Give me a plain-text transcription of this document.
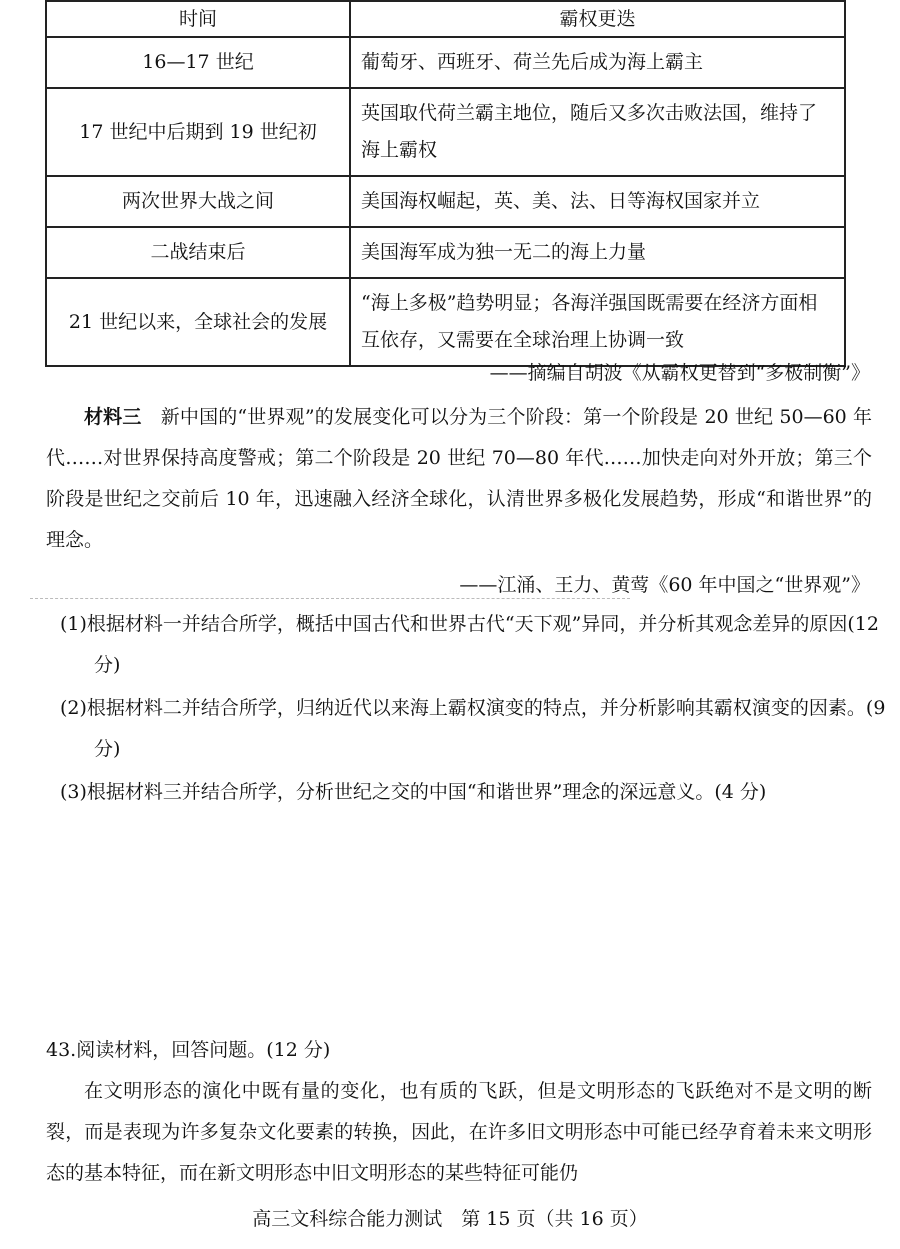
时间	霸权更迭
16—17 世纪	葡萄牙、西班牙、荷兰先后成为海上霸主
17 世纪中后期到 19 世纪初	英国取代荷兰霸主地位，随后又多次击败法国，维持了海上霸权
两次世界大战之间	美国海权崛起，英、美、法、日等海权国家并立
二战结束后	美国海军成为独一无二的海上力量
21 世纪以来，全球社会的发展	“海上多极”趋势明显；各海洋强国既需要在经济方面相互依存，又需要在全球治理上协调一致
——摘编自胡波《从霸权更替到“多极制衡”》
材料三　 新中国的“世界观”的发展变化可以分为三个阶段：第一个阶段是 20 世纪 50—60 年代……对世界保持高度警戒；第二个阶段是 20 世纪 70—80 年代……加快走向对外开放；第三个阶段是世纪之交前后 10 年，迅速融入经济全球化，认清世界多极化发展趋势，形成“和谐世界”的理念。
——江涌、王力、黄莺《60 年中国之“世界观”》
(1)根据材料一并结合所学，概括中国古代和世界古代“天下观”异同，并分析其观念差异的原因(12 分)
(2)根据材料二并结合所学，归纳近代以来海上霸权演变的特点，并分析影响其霸权演变的因素。(9 分)
(3)根据材料三并结合所学，分析世纪之交的中国“和谐世界”理念的深远意义。(4 分)
43.阅读材料，回答问题。(12 分)
在文明形态的演化中既有量的变化，也有质的飞跃，但是文明形态的飞跃绝对不是文明的断裂，而是表现为许多复杂文化要素的转换，因此，在许多旧文明形态中可能已经孕育着未来文明形态的基本特征，而在新文明形态中旧文明形态的某些特征可能仍
高三文科综合能力测试　第 15 页（共 16 页）
